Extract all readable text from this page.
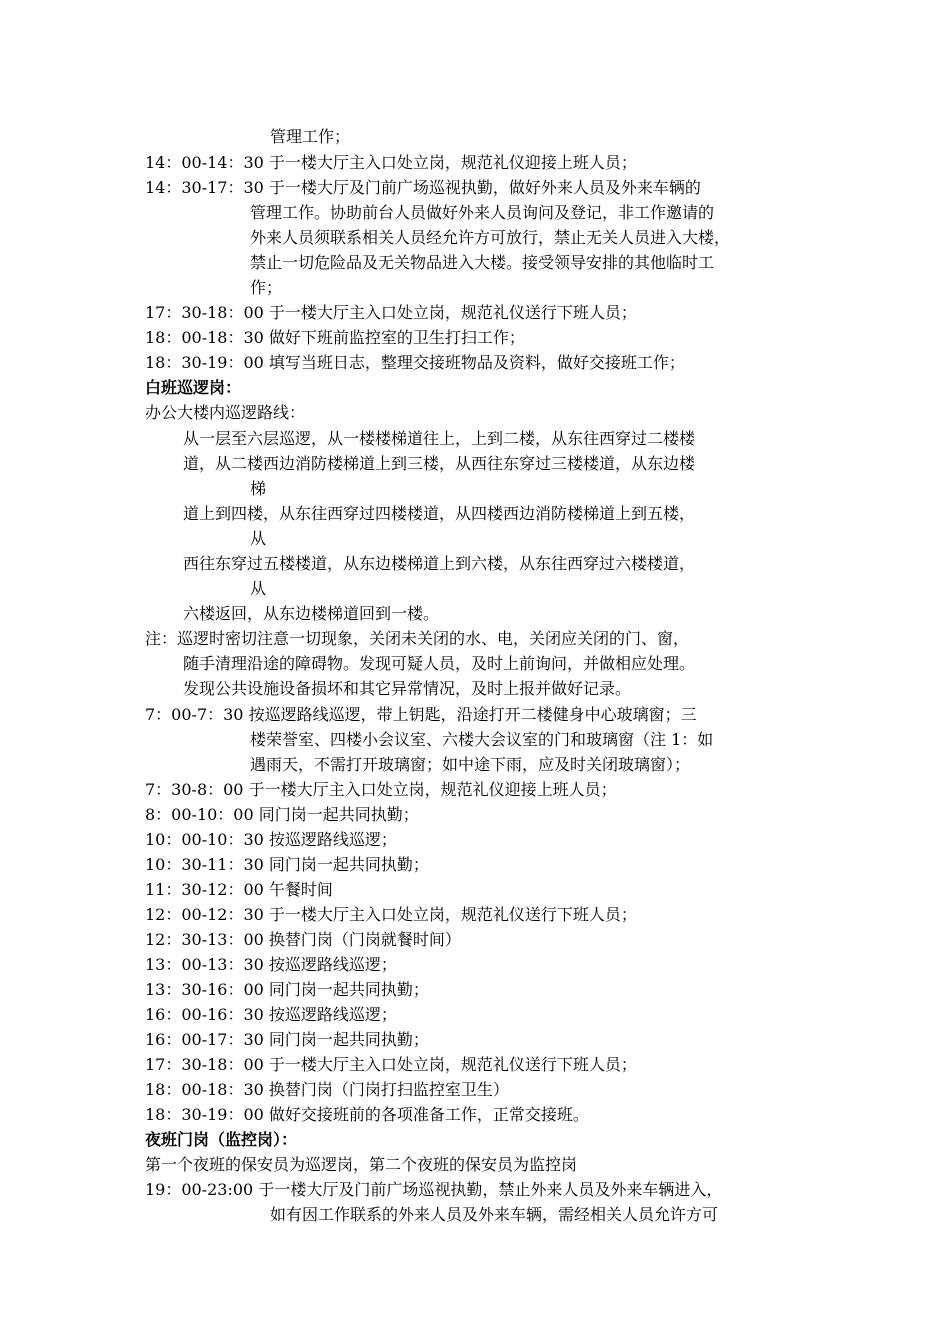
管理工作；
14：00-14：30 于一楼大厅主入口处立岗，规范礼仪迎接上班人员；
14：30-17：30 于一楼大厅及门前广场巡视执勤，做好外来人员及外来车辆的
管理工作。协助前台人员做好外来人员询问及登记，非工作邀请的
外来人员须联系相关人员经允许方可放行，禁止无关人员进入大楼，
禁止一切危险品及无关物品进入大楼。接受领导安排的其他临时工
作；
17：30-18：00 于一楼大厅主入口处立岗，规范礼仪送行下班人员；
18：00-18：30 做好下班前监控室的卫生打扫工作；
18：30-19：00 填写当班日志，整理交接班物品及资料，做好交接班工作；
白班巡逻岗：
办公大楼内巡逻路线：
从一层至六层巡逻，从一楼楼梯道往上，上到二楼，从东往西穿过二楼楼
道，从二楼西边消防楼梯道上到三楼，从西往东穿过三楼楼道，从东边楼
梯
道上到四楼，从东往西穿过四楼楼道，从四楼西边消防楼梯道上到五楼，
从
西往东穿过五楼楼道，从东边楼梯道上到六楼，从东往西穿过六楼楼道，
从
六楼返回，从东边楼梯道回到一楼。
注：巡逻时密切注意一切现象，关闭未关闭的水、电，关闭应关闭的门、窗，
随手清理沿途的障碍物。发现可疑人员，及时上前询问，并做相应处理。
发现公共设施设备损坏和其它异常情况，及时上报并做好记录。
7：00-7：30 按巡逻路线巡逻，带上钥匙，沿途打开二楼健身中心玻璃窗；三
楼荣誉室、四楼小会议室、六楼大会议室的门和玻璃窗（注 1：如
遇雨天，不需打开玻璃窗；如中途下雨，应及时关闭玻璃窗）；
7：30-8：00 于一楼大厅主入口处立岗，规范礼仪迎接上班人员；
8：00-10：00 同门岗一起共同执勤；
10：00-10：30 按巡逻路线巡逻；
10：30-11：30 同门岗一起共同执勤；
11：30-12：00 午餐时间
12：00-12：30 于一楼大厅主入口处立岗，规范礼仪送行下班人员；
12：30-13：00 换替门岗（门岗就餐时间）
13：00-13：30 按巡逻路线巡逻；
13：30-16：00 同门岗一起共同执勤；
16：00-16：30 按巡逻路线巡逻；
16：00-17：30 同门岗一起共同执勤；
17：30-18：00 于一楼大厅主入口处立岗，规范礼仪送行下班人员；
18：00-18：30 换替门岗（门岗打扫监控室卫生）
18：30-19：00 做好交接班前的各项准备工作，正常交接班。
夜班门岗（监控岗）：
第一个夜班的保安员为巡逻岗，第二个夜班的保安员为监控岗
19：00-23:00 于一楼大厅及门前广场巡视执勤，禁止外来人员及外来车辆进入，
如有因工作联系的外来人员及外来车辆，需经相关人员允许方可
